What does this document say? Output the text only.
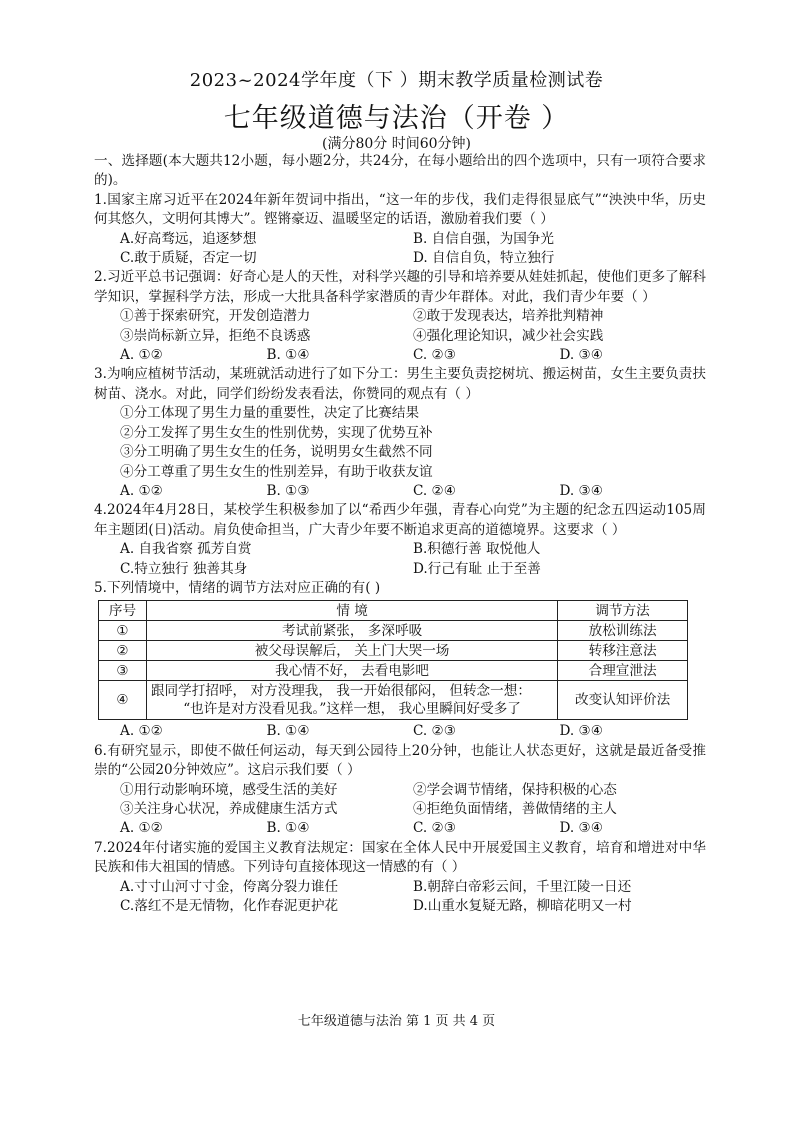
2023~2024学年度（下 ）期末教学质量检测试卷
七年级道德与法治（开卷 ）
(满分80分 时间60分钟)

一、选择题(本大题共12小题，每小题2分，共24分，在每小题给出的四个选项中，只有一项符合要求的)。

1.国家主席习近平在2024年新年贺词中指出，“这一年的步伐，我们走得很显底气”“泱泱中华，历史何其悠久，文明何其博大”。铿锵豪迈、温暖坚定的话语，激励着我们要（ ）

A.好高骛远，追逐梦想	B. 自信自强，为国争光
C.敢于质疑，否定一切	D. 自信自负，特立独行

2.习近平总书记强调：好奇心是人的天性，对科学兴趣的引导和培养要从娃娃抓起，使他们更多了解科学知识，掌握科学方法，形成一大批具备科学家潜质的青少年群体。对此，我们青少年要（ ）

①善于探索研究，开发创造潜力	②敢于发现表达，培养批判精神
③崇尚标新立异，拒绝不良诱惑	④强化理论知识，减少社会实践
A. ①②	B. ①④	C. ②③	D. ③④

3.为响应植树节活动，某班就活动进行了如下分工：男生主要负责挖树坑、搬运树苗，女生主要负责扶树苗、浇水。对此，同学们纷纷发表看法，你赞同的观点有（ ）

①分工体现了男生力量的重要性，决定了比赛结果

②分工发挥了男生女生的性别优势，实现了优势互补

③分工明确了男生女生的任务，说明男女生截然不同

④分工尊重了男生女生的性别差异，有助于收获友谊

A. ①②	B. ①③	C. ②④	D. ③④

4.2024年4月28日，某校学生积极参加了以“希西少年强，青春心向党”为主题的纪念五四运动105周年主题团(日)活动。肩负使命担当，广大青少年要不断追求更高的道德境界。这要求（ ）

A. 自我省察 孤芳自赏	B.积德行善 取悦他人
C.特立独行 独善其身	D.行己有耻 止于至善

5.下列情境中，情绪的调节方法对应正确的有( )

序号	情 境	调节方法
①	考试前紧张， 多深呼吸	放松训练法
②	被父母误解后， 关上门大哭一场	转移注意法
③	我心情不好， 去看电影吧	合理宣泄法
④	跟同学打招呼， 对方没理我， 我一开始很郁闷， 但转念一想：
“也许是对方没看见我。”这样一想， 我心里瞬间好受多了	改变认知评价法
A. ①②	B. ①④	C. ②③	D. ③④

6.有研究显示，即使不做任何运动，每天到公园待上20分钟，也能让人状态更好，这就是最近备受推崇的“公园20分钟效应”。这启示我们要（ ）

①用行动影响环境，感受生活的美好	②学会调节情绪，保持积极的心态
③关注身心状况，养成健康生活方式	④拒绝负面情绪，善做情绪的主人
A. ①②	B. ①④	C. ②③	D. ③④

7.2024年付诸实施的爱国主义教育法规定：国家在全体人民中开展爱国主义教育，培育和增进对中华民族和伟大祖国的情感。下列诗句直接体现这一情感的有（ ）

A.寸寸山河寸寸金，侉离分裂力谁任	B.朝辞白帝彩云间，千里江陵一日还
C.落红不是无情物，化作春泥更护花	D.山重水复疑无路，柳暗花明又一村
七年级道德与法治 第 1 页 共 4 页
